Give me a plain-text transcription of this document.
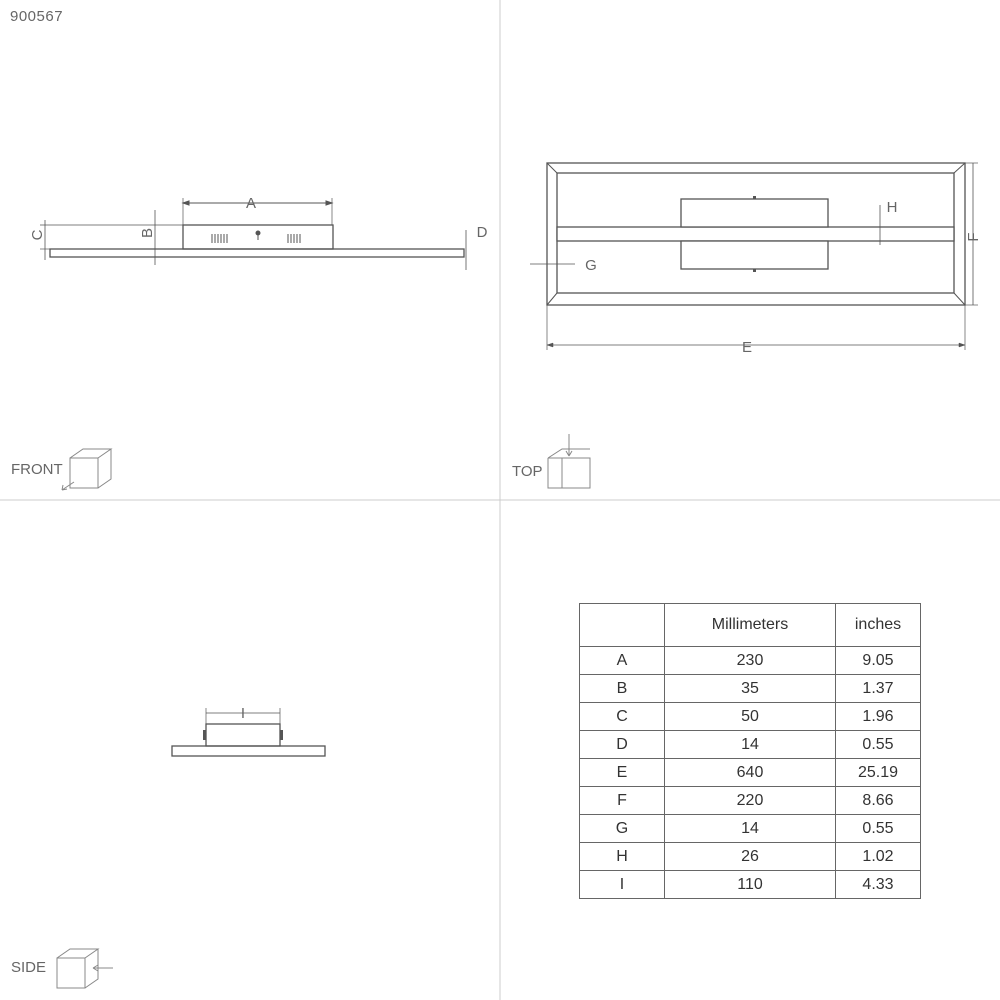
A
B
C	D
E
F
G
H
I
900567
FRONT	TOP
SIDE
	Millimeters	inches
A	230	9.05
B	35	1.37
C	50	1.96
D	14	0.55
E	640	25.19
F	220	8.66
G	14	0.55
H	26	1.02
I	110	4.33
